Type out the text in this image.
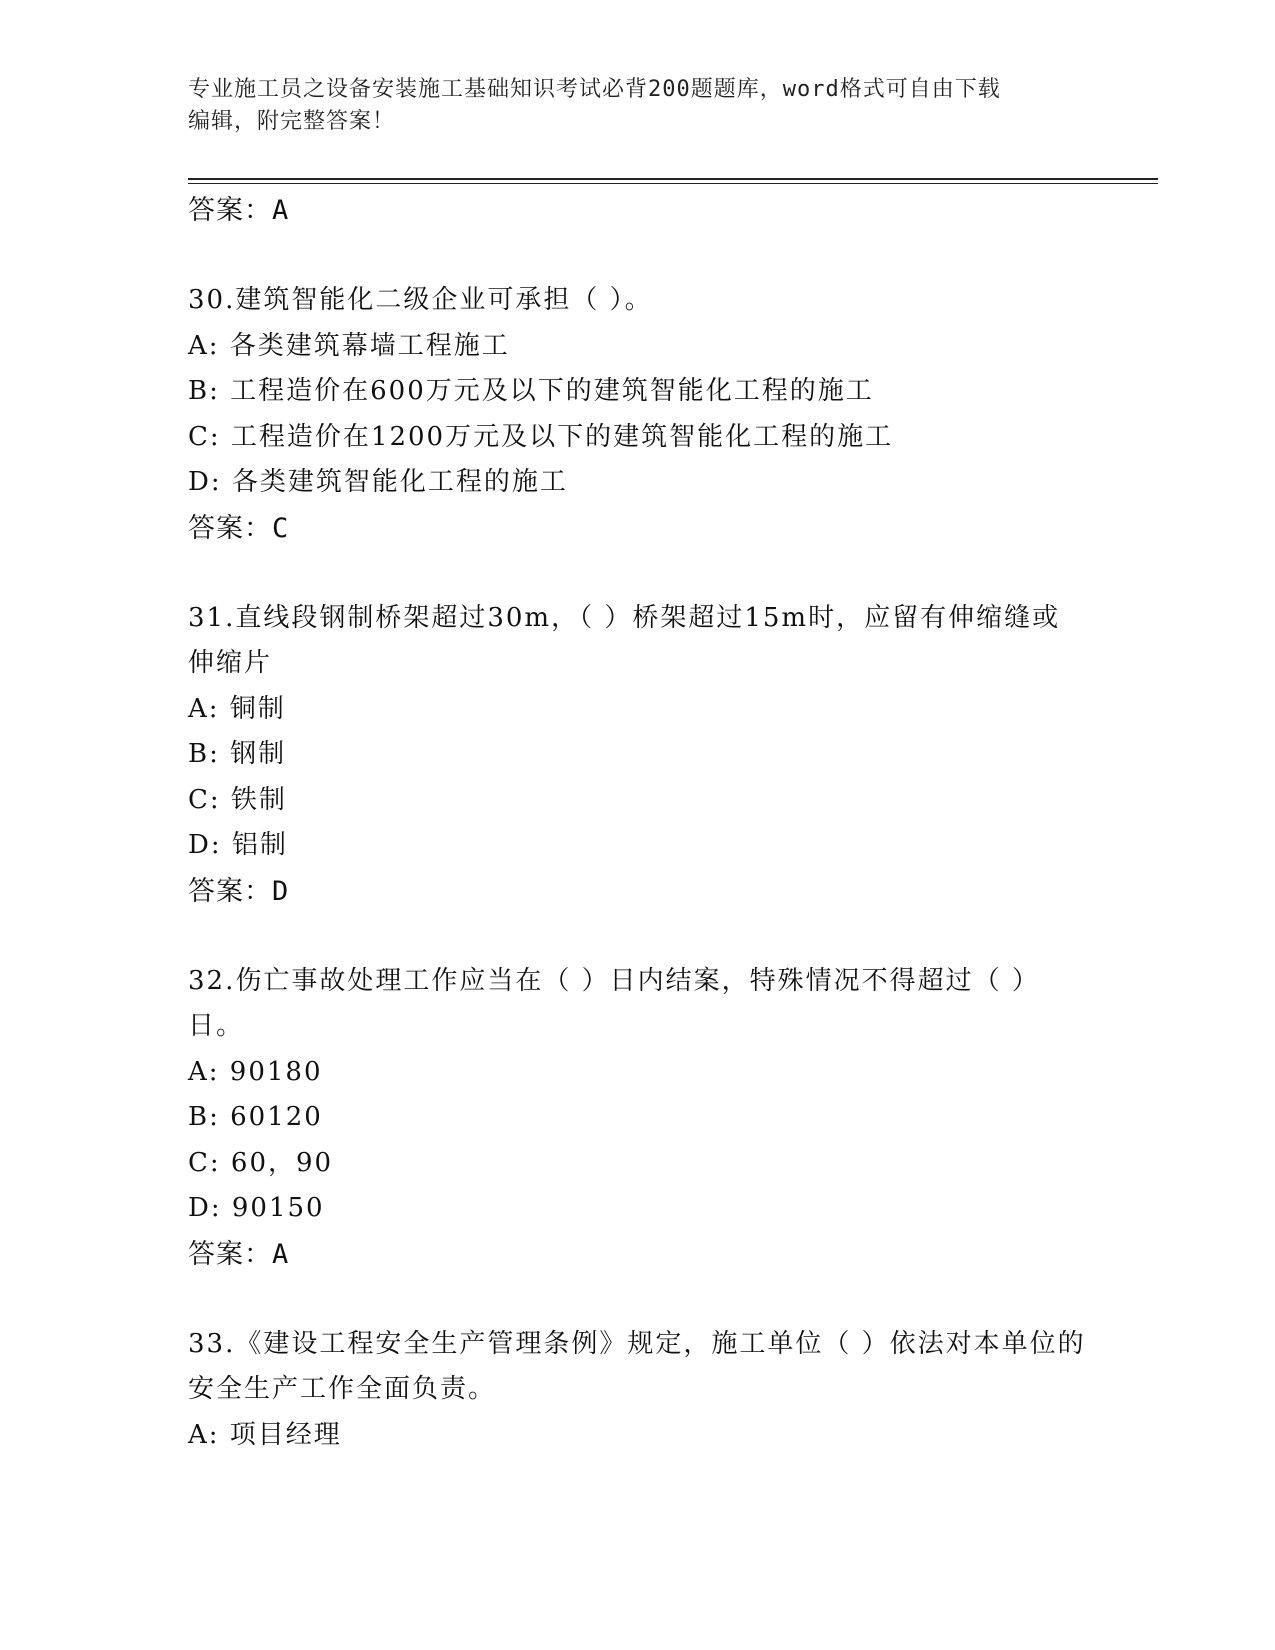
专业施工员之设备安装施工基础知识考试必背200题题库，word格式可自由下载
编辑，附完整答案！

答案：A

30.建筑智能化二级企业可承担（ ）。

A: 各类建筑幕墙工程施工

B: 工程造价在600万元及以下的建筑智能化工程的施工

C: 工程造价在1200万元及以下的建筑智能化工程的施工

D: 各类建筑智能化工程的施工

答案：C

31.直线段钢制桥架超过30m，（ ）桥架超过15m时，应留有伸缩缝或伸缩片

A: 铜制

B: 钢制

C: 铁制

D: 铝制

答案：D

32.伤亡事故处理工作应当在（ ）日内结案，特殊情况不得超过（ ）日。

A: 90180

B: 60120

C: 60，90

D: 90150

答案：A

33.《建设工程安全生产管理条例》规定，施工单位（ ）依法对本单位的安全生产工作全面负责。

A: 项目经理
